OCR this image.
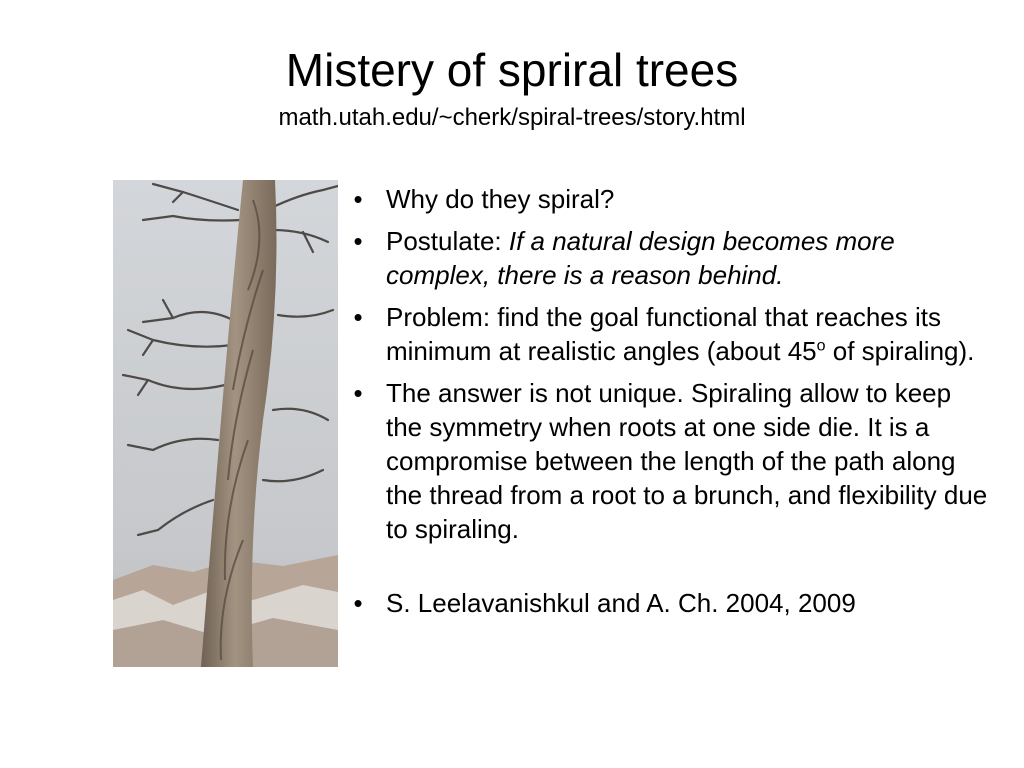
Mistery of spriral trees
math.utah.edu/~cherk/spiral-trees/story.html
• Why do they spiral?
• Postulate: If a natural design becomes more complex, there is a reason behind.
• Problem: find the goal functional that reaches its minimum at realistic angles (about 45$^o$ of spiraling).
• The answer is not unique. Spiraling allow to keep the symmetry when roots at one side die. It is a compromise between the length of the path along the thread from a root to a brunch, and flexibility due to spiraling.
• S. Leelavanishkul and A. Ch. 2004, 2009
